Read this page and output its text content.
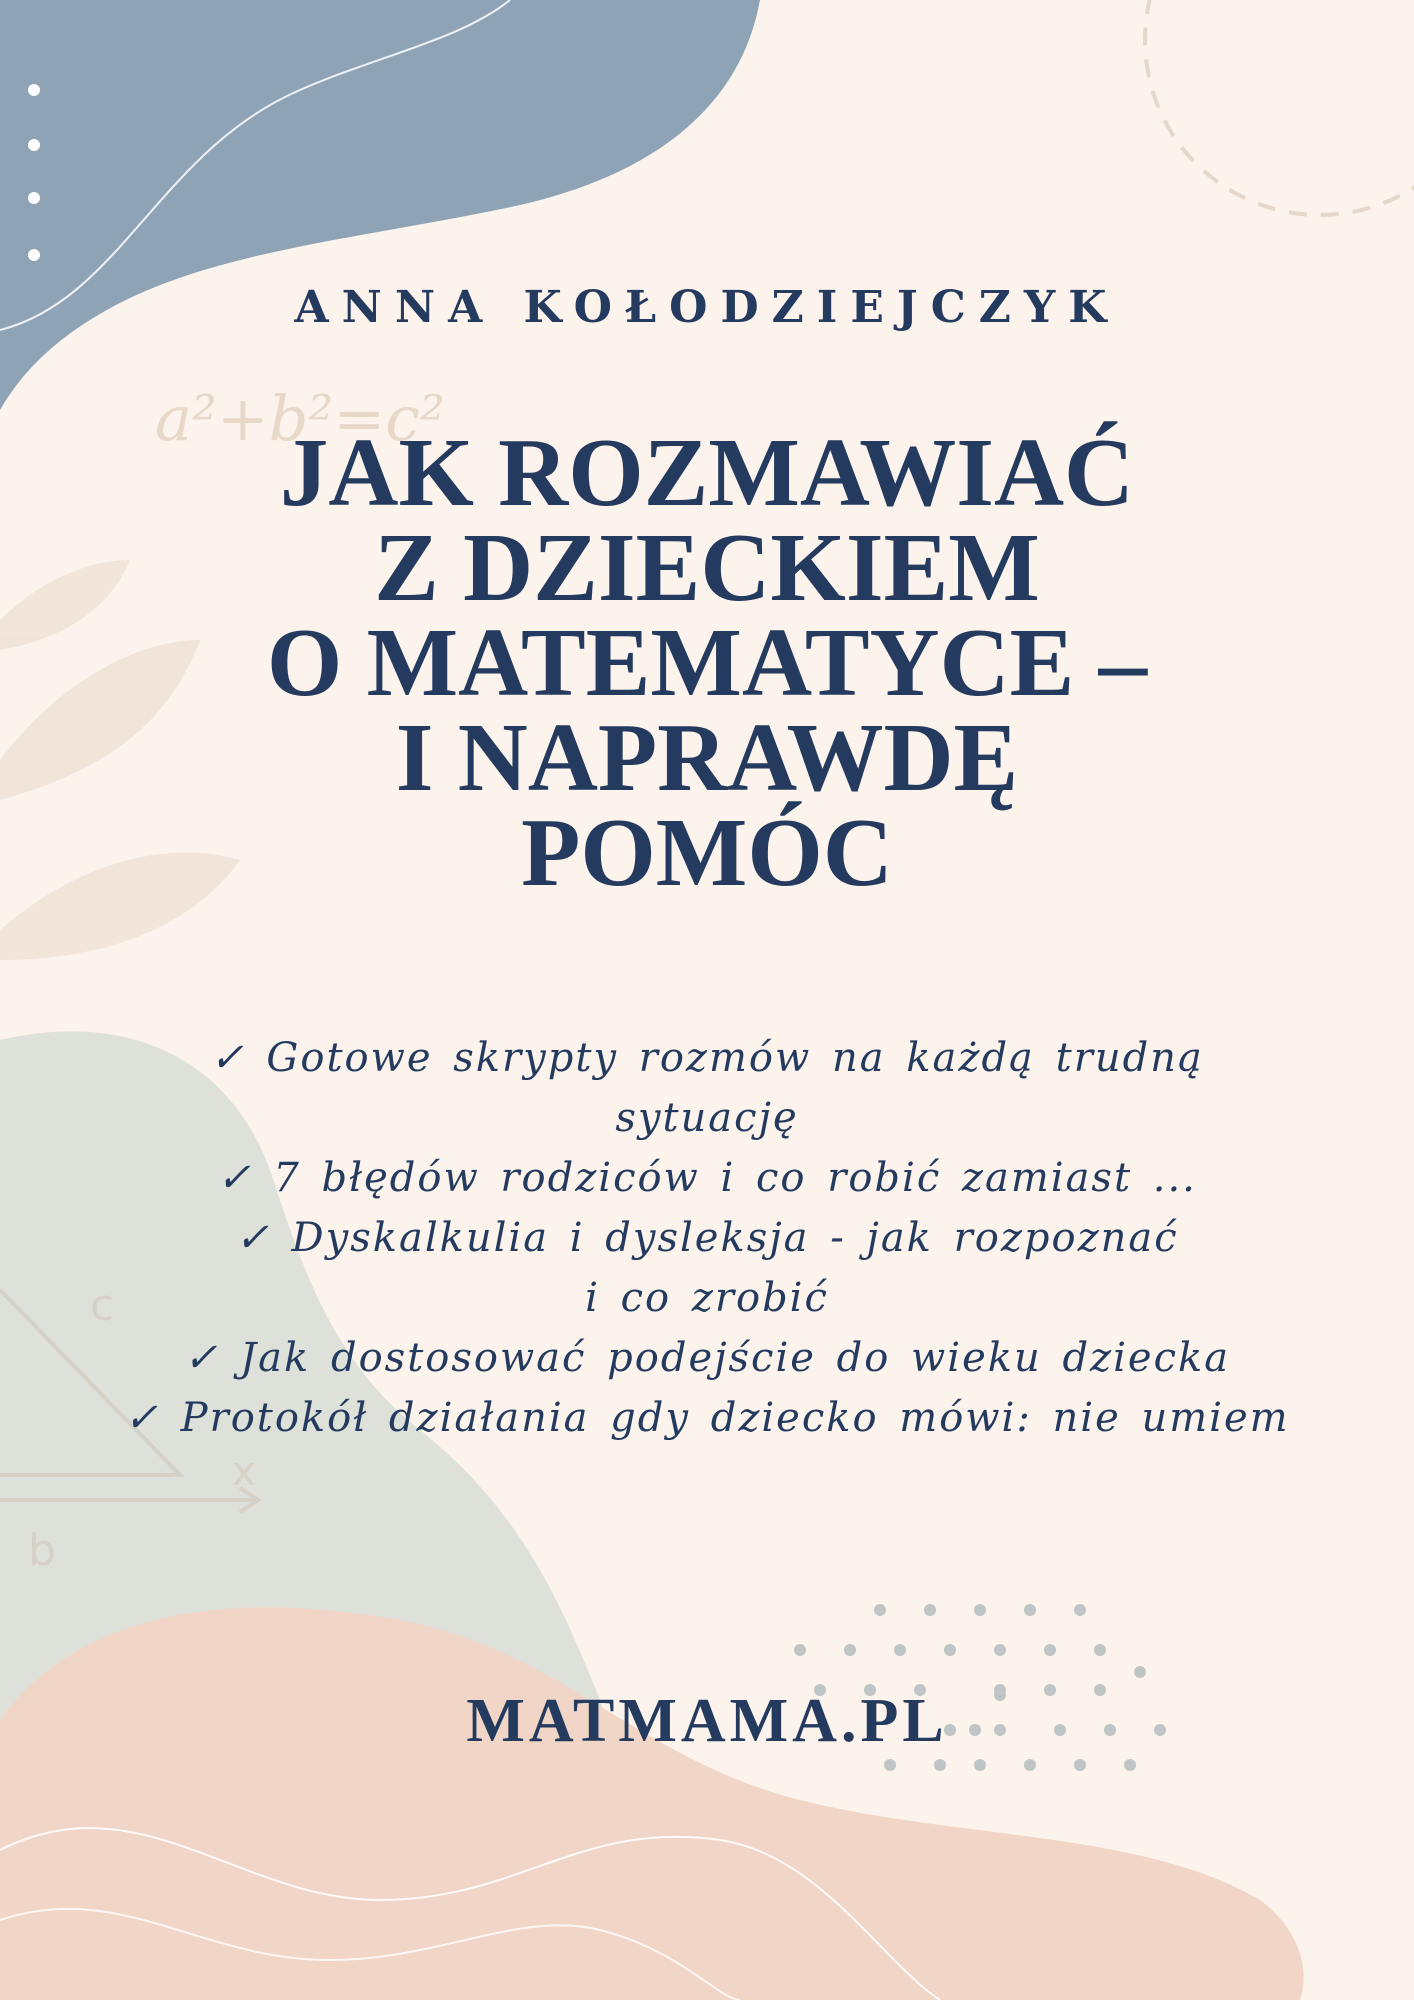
a²+b²=c²
c
b
x
ANNA KOŁODZIEJCZYK
JAK ROZMAWIAĆ
Z DZIECKIEM
O MATEMATYCE –
I NAPRAWDĘ
POMÓC
✓ Gotowe skrypty rozmów na każdą trudną
sytuację
✓ 7 błędów rodziców i co robić zamiast ...
✓ Dyskalkulia i dysleksja - jak rozpoznać
i co zrobić
✓ Jak dostosować podejście do wieku dziecka
✓ Protokół działania gdy dziecko mówi: nie umiem
MATMAMA.PL
